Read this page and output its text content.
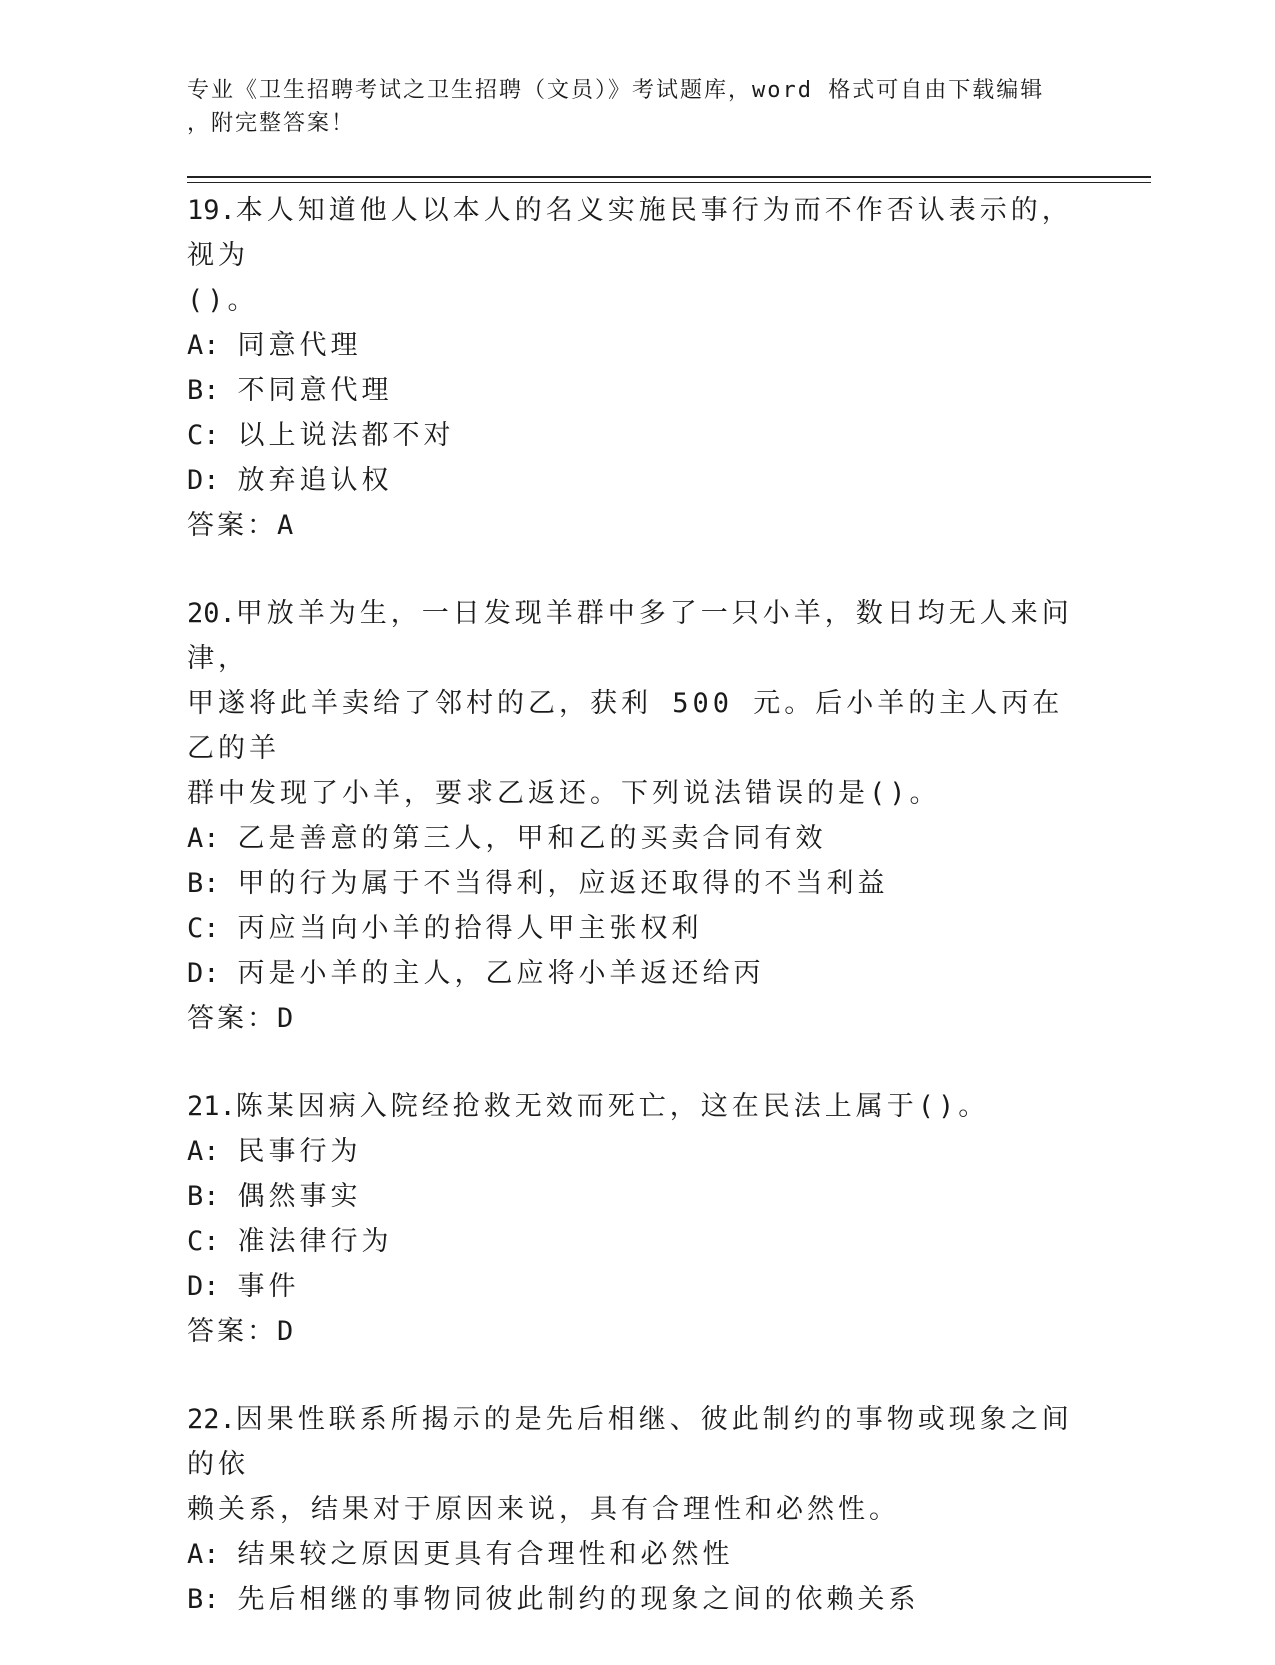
专业《卫生招聘考试之卫生招聘（文员）》考试题库，word 格式可自由下载编辑
，附完整答案！

19.本人知道他人以本人的名义实施民事行为而不作否认表示的，视为

()。

A: 同意代理

B: 不同意代理

C: 以上说法都不对

D: 放弃追认权

答案：A

20.甲放羊为生，一日发现羊群中多了一只小羊，数日均无人来问津，

甲遂将此羊卖给了邻村的乙，获利 500 元。后小羊的主人丙在乙的羊

群中发现了小羊，要求乙返还。下列说法错误的是()。

A: 乙是善意的第三人，甲和乙的买卖合同有效

B: 甲的行为属于不当得利，应返还取得的不当利益

C: 丙应当向小羊的拾得人甲主张权利

D: 丙是小羊的主人，乙应将小羊返还给丙

答案：D

21.陈某因病入院经抢救无效而死亡，这在民法上属于()。

A: 民事行为

B: 偶然事实

C: 准法律行为

D: 事件

答案：D

22.因果性联系所揭示的是先后相继、彼此制约的事物或现象之间的依

赖关系，结果对于原因来说，具有合理性和必然性。

A: 结果较之原因更具有合理性和必然性

B: 先后相继的事物同彼此制约的现象之间的依赖关系
